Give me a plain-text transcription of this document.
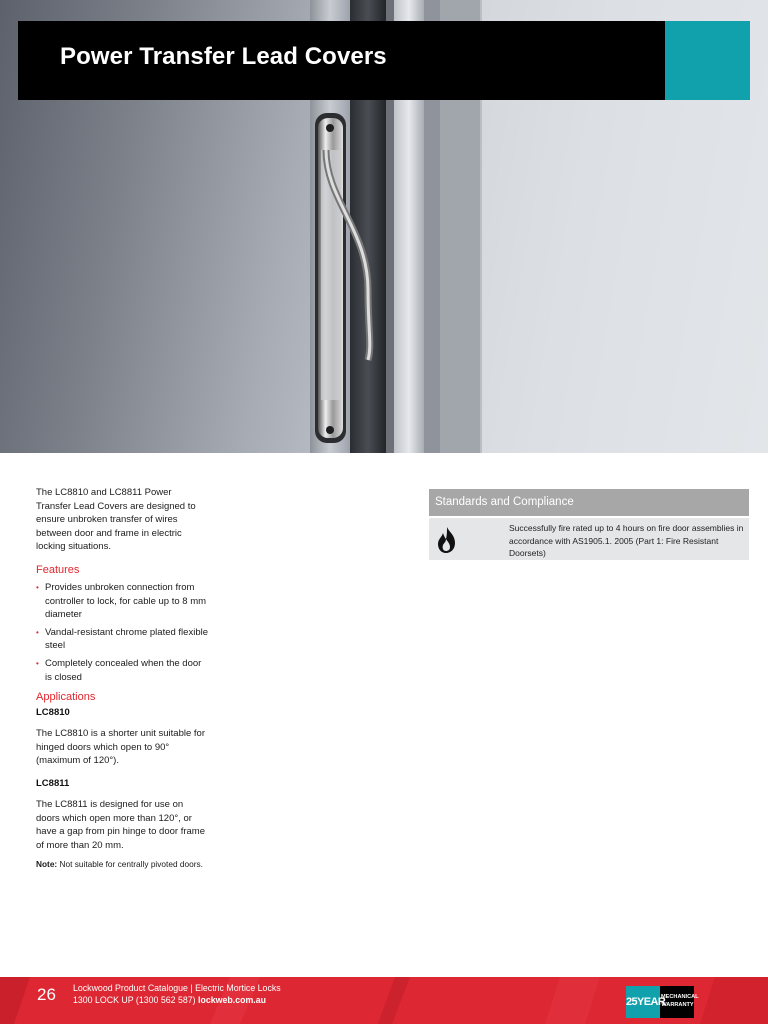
Power Transfer Lead Covers

The LC8810 and LC8811 Power Transfer Lead Covers are designed to ensure unbroken transfer of wires between door and frame in electric locking situations.

Features
• Provides unbroken connection from controller to lock, for cable up to 8 mm diameter
• Vandal-resistant chrome plated flexible steel
• Completely concealed when the door is closed
Applications
LC8810

The LC8810 is a shorter unit suitable for hinged doors which open to 90° (maximum of 120°).

LC8811

The LC8811 is designed for use on doors which open more than 120°, or have a gap from pin hinge to door frame of more than 20 mm.

Note: Not suitable for centrally pivoted doors.

Standards and Compliance
Successfully fire rated up to 4 hours on fire door assemblies in accordance with AS1905.1. 2005 (Part 1: Fire Resistant Doorsets)
26 Lockwood Product Catalogue | Electric Mortice Locks
1300 LOCK UP (1300 562 587) lockweb.com.au	25YEAR
MECHANICAL
WARRANTY
